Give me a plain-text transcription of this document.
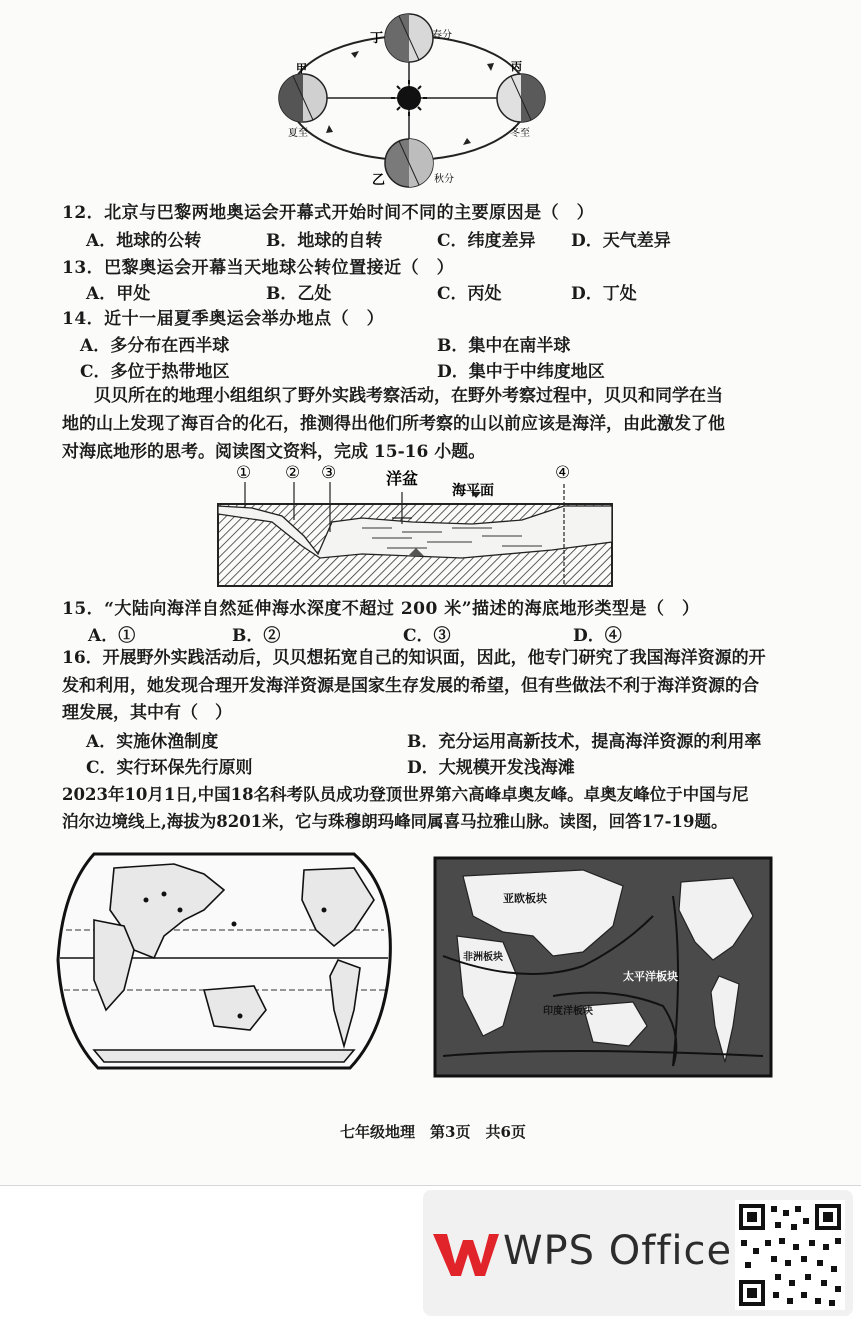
丁	春分
甲
夏至
丙
冬至
乙	秋分
12．北京与巴黎两地奥运会开幕式开始时间不同的主要原因是（　）
A．地球的公转	B．地球的自转	C．纬度差异 D．天气差异
13．巴黎奥运会开幕当天地球公转位置接近（　）
A．甲处	B．乙处	C．丙处	D．丁处
14．近十一届夏季奥运会举办地点（　）
A．多分布在西半球	B．集中在南半球
C．多位于热带地区	D．集中于中纬度地区
贝贝所在的地理小组组织了野外实践考察活动，在野外考察过程中，贝贝和同学在当
地的山上发现了海百合的化石，推测得出他们所考察的山以前应该是海洋，由此激发了他
对海底地形的思考。阅读图文资料，完成 15-16 小题。
① ② ③	洋盆
海平面
④
15．“大陆向海洋自然延伸海水深度不超过 200 米”描述的海底地形类型是（　）
A．①	B．②	C．③	D．④
16．开展野外实践活动后，贝贝想拓宽自己的知识面，因此，他专门研究了我国海洋资源的开
发和利用，她发现合理开发海洋资源是国家生存发展的希望，但有些做法不利于海洋资源的合
理发展，其中有（　）
A．实施休渔制度	B．充分运用高新技术，提高海洋资源的利用率
C．实行环保先行原则	D．大规模开发浅海滩
2023年10月1日,中国18名科考队员成功登顶世界第六高峰卓奥友峰。卓奥友峰位于中国与尼
泊尔边境线上,海拔为8201米，它与珠穆朗玛峰同属喜马拉雅山脉。读图，回答17-19题。
亚欧板块
非洲板块
太平洋板块
印度洋板块
七年级地理　第3页　共6页
WPS Office
